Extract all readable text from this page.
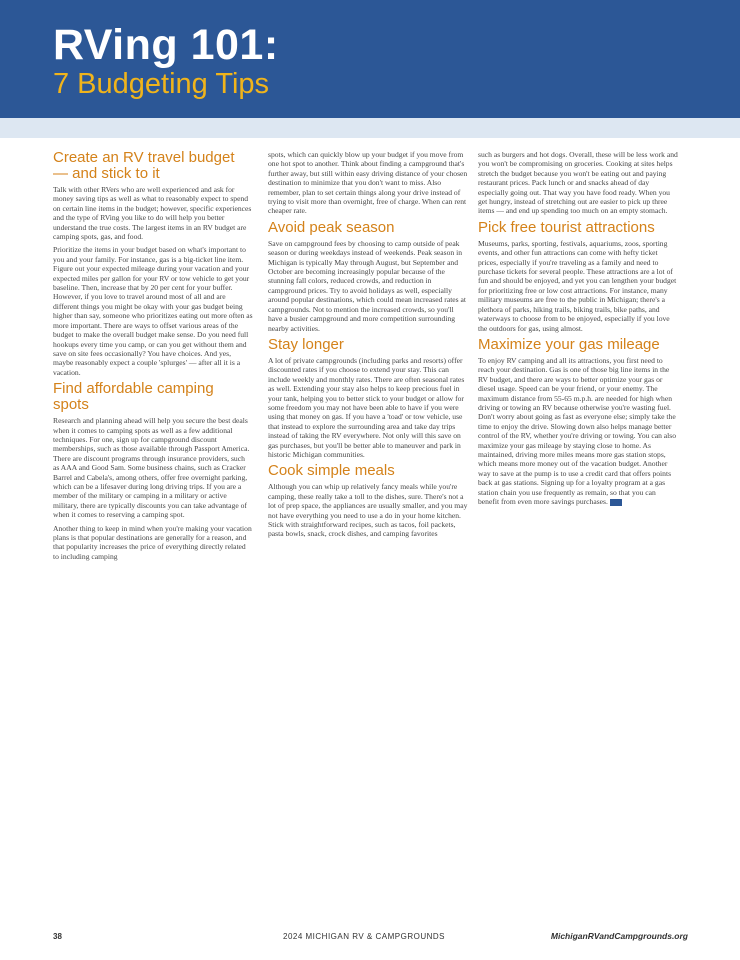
RVing 101:
7 Budgeting Tips
Create an RV travel budget — and stick to it

Talk with other RVers who are well experienced and ask for money saving tips as well as what to reasonably expect to spend on certain line items in the budget; however, specific experiences and the type of RVing you like to do will help you better understand the true costs. The largest items in an RV budget are camping spots, gas, and food.

Prioritize the items in your budget based on what's important to you and your family. For instance, gas is a big-ticket line item. Figure out your expected mileage during your vacation and your expected miles per gallon for your RV or tow vehicle to get your baseline. Then, increase that by 20 per cent for your buffer. However, if you love to travel around most of all and are different things you might be okay with your gas budget being higher than say, someone who prioritizes eating out more often as more important. There are ways to offset various areas of the budget to make the overall budget make sense. Do you need full hookups every time you camp, or can you get without them and save on site fees occasionally? You have choices. And yes, maybe reasonably expect a couple 'splurges' — after all it is a vacation.

Find affordable camping spots

Research and planning ahead will help you secure the best deals when it comes to camping spots as well as a few additional techniques. For one, sign up for campground discount memberships, such as those available through Passport America. There are discount programs through insurance providers, such as AAA and Good Sam. Some business chains, such as Cracker Barrel and Cabela's, among others, offer free overnight parking, which can be a lifesaver during long driving trips. If you are a member of the military or camping in a military or active military, there are typically discounts you can take advantage of when it comes to reserving a camping spot.

Another thing to keep in mind when you're making your vacation plans is that popular destinations are generally for a reason, and that popularity increases the price of everything directly related to including camping

spots, which can quickly blow up your budget if you move from one hot spot to another. Think about finding a campground that's further away, but still within easy driving distance of your chosen destination to minimize that you don't want to miss. Also remember, plan to set certain things along your drive instead of trying to visit more than overnight, free of charge. When can rent cheaper rate.

Avoid peak season

Save on campground fees by choosing to camp outside of peak season or during weekdays instead of weekends. Peak season in Michigan is typically May through August, but September and October are becoming increasingly popular because of the stunning fall colors, reduced crowds, and reduction in campground prices. Try to avoid holidays as well, especially around popular destinations, which could mean increased rates at campgrounds. Not to mention the increased crowds, so you'll have a busier campground and more competition surrounding nearby activities.

Stay longer

A lot of private campgrounds (including parks and resorts) offer discounted rates if you choose to extend your stay. This can include weekly and monthly rates. There are often seasonal rates as well. Extending your stay also helps to keep precious fuel in your tank, helping you to better stick to your budget or allow for some freedom you may not have been able to have if you were using that money on gas. If you have a 'toad' or tow vehicle, use that instead to explore the surrounding area and take day trips instead of taking the RV everywhere. Not only will this save on gas purchases, but you'll be better able to maneuver and park in historic Michigan communities.

Cook simple meals

Although you can whip up relatively fancy meals while you're camping, these really take a toll to the dishes, sure. There's not a lot of prep space, the appliances are usually smaller, and you may not have everything you need to use a do in your home kitchen. Stick with straightforward recipes, such as tacos, foil packets, pasta bowls, snack, crock dishes, and camping favorites

such as burgers and hot dogs. Overall, these will be less work and you won't be compromising on groceries. Cooking at sites helps stretch the budget because you won't be eating out and paying restaurant prices. Pack lunch or and snacks ahead of day especially going out. That way you have food ready. When you get hungry, instead of stretching out are easier to pick up three items — and end up spending too much on an empty stomach.

Pick free tourist attractions

Museums, parks, sporting, festivals, aquariums, zoos, sporting events, and other fun attractions can come with hefty ticket prices, especially if you're traveling as a family and need to purchase tickets for several people. These attractions are a lot of fun and should be enjoyed, and yet you can lengthen your budget for prioritizing free or low cost attractions. For instance, many military museums are free to the public in Michigan; there's a plethora of parks, hiking trails, biking trails, bike paths, and waterways to choose from to be enjoyed, especially if you love the outdoors for gas, using almost.

Maximize your gas mileage

To enjoy RV camping and all its attractions, you first need to reach your destination. Gas is one of those big line items in the RV budget, and there are ways to better optimize your gas or diesel usage. Speed can be your friend, or your enemy. The maximum distance from 55-65 m.p.h. are needed for high when driving or towing an RV because otherwise you're wasting fuel. Don't worry about going as fast as everyone else; simply take the time to enjoy the drive. Slowing down also helps manage better control of the RV, whether you're driving or towing. You can also maximize your gas mileage by staying close to home. As maintained, driving more miles means more gas station stops, which means more money out of the vacation budget. Another way to save at the pump is to use a credit card that offers points back at gas stations. Signing up for a loyalty program at a gas station chain you use frequently as remain, so that you can benefit from even more savings purchases.

38	2024 MICHIGAN RV & CAMPGROUNDS	MichiganRVandCampgrounds.org
